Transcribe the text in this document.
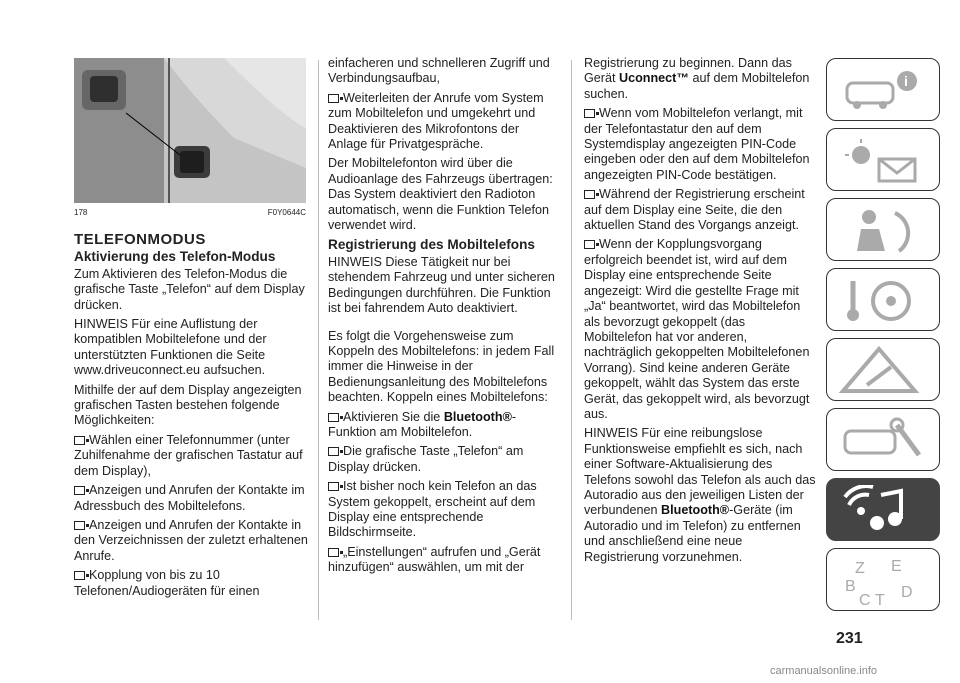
178	F0Y0644C
TELEFONMODUS
Aktivierung des Telefon-Modus

Zum Aktivieren des Telefon-Modus die grafische Taste „Telefon“ auf dem Display drücken.

HINWEIS Für eine Auflistung der kompatiblen Mobiltelefone und der unterstützten Funktionen die Seite www.driveuconnect.eu aufsuchen.

Mithilfe der auf dem Display angezeigten grafischen Tasten bestehen folgende Möglichkeiten:

Wählen einer Telefonnummer (unter Zuhilfenahme der grafischen Tastatur auf dem Display),

Anzeigen und Anrufen der Kontakte im Adressbuch des Mobiltelefons.

Anzeigen und Anrufen der Kontakte in den Verzeichnissen der zuletzt erhaltenen Anrufe.

Kopplung von bis zu 10 Telefonen/Audiogeräten für einen

einfacheren und schnelleren Zugriff und Verbindungsaufbau,

Weiterleiten der Anrufe vom System zum Mobiltelefon und umgekehrt und Deaktivieren des Mikrofontons der Anlage für Privatgespräche.

Der Mobiltelefonton wird über die Audioanlage des Fahrzeugs übertragen: Das System deaktiviert den Radioton automatisch, wenn die Funktion Telefon verwendet wird.

Registrierung des Mobiltelefons

HINWEIS Diese Tätigkeit nur bei stehendem Fahrzeug und unter sicheren Bedingungen durchführen. Die Funktion ist bei fahrendem Auto deaktiviert.

Es folgt die Vorgehensweise zum Koppeln des Mobiltelefons: in jedem Fall immer die Hinweise in der Bedienungsanleitung des Mobiltelefons beachten. Koppeln eines Mobiltelefons:

Aktivieren Sie die Bluetooth®-Funktion am Mobiltelefon.

Die grafische Taste „Telefon“ am Display drücken.

Ist bisher noch kein Telefon an das System gekoppelt, erscheint auf dem Display eine entsprechende Bildschirmseite.

„Einstellungen“ aufrufen und „Gerät hinzufügen“ auswählen, um mit der

Registrierung zu beginnen. Dann das Gerät Uconnect™ auf dem Mobiltelefon suchen.

Wenn vom Mobiltelefon verlangt, mit der Telefontastatur den auf dem Systemdisplay angezeigten PIN-Code eingeben oder den auf dem Mobiltelefon angezeigten PIN-Code bestätigen.

Während der Registrierung erscheint auf dem Display eine Seite, die den aktuellen Stand des Vorgangs anzeigt.

Wenn der Kopplungsvorgang erfolgreich beendet ist, wird auf dem Display eine entsprechende Seite angezeigt: Wird die gestellte Frage mit „Ja“ beantwortet, wird das Mobiltelefon als bevorzugt gekoppelt (das Mobiltelefon hat vor anderen, nachträglich gekoppelten Mobiltelefonen Vorrang). Sind keine anderen Geräte gekoppelt, wählt das System das erste Gerät, das gekoppelt wird, als bevorzugt aus.

HINWEIS Für eine reibungslose Funktionsweise empfiehlt es sich, nach einer Software-Aktualisierung des Telefons sowohl das Telefon als auch das Autoradio aus den jeweiligen Listen der verbundenen Bluetooth®-Geräte (im Autoradio und im Telefon) zu entfernen und anschließend eine neue Registrierung vorzunehmen.

i
Z E
B
C T D
231
carmanualsonline.info
